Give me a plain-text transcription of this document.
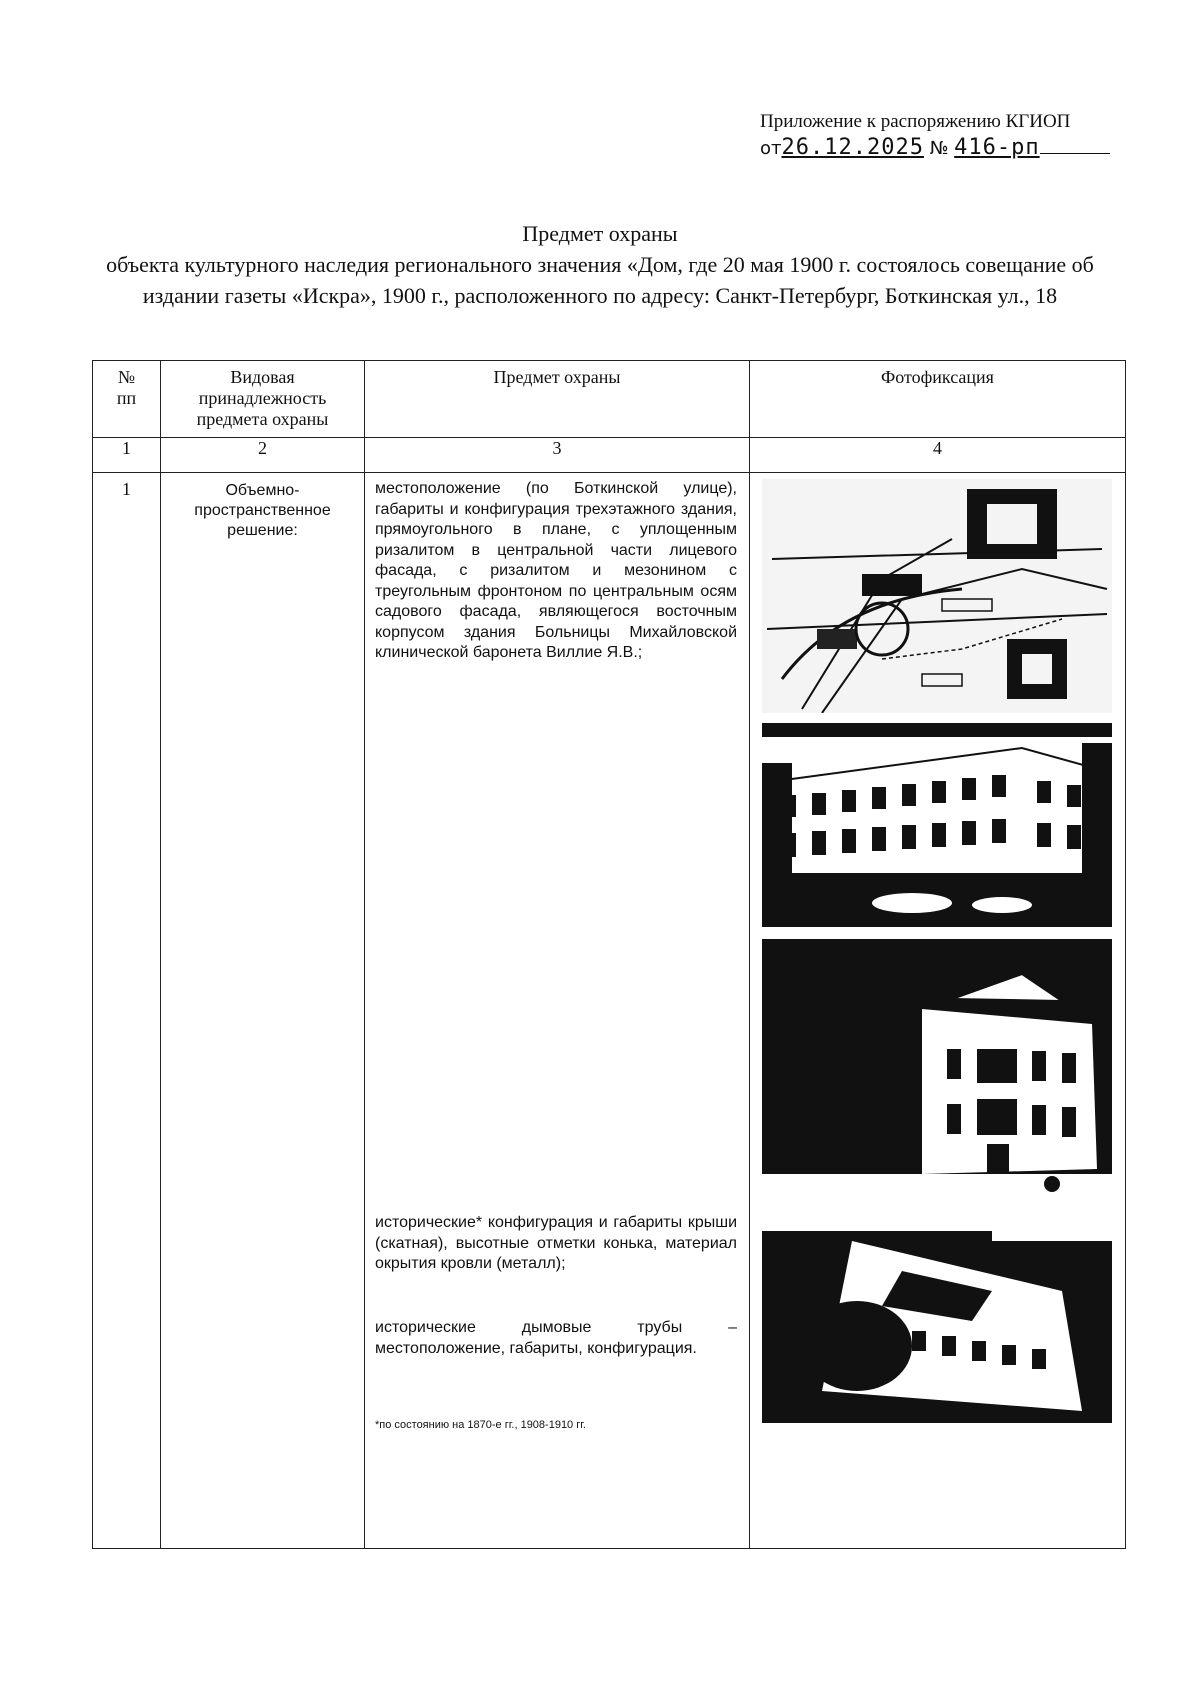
Приложение к распоряжению КГИОП
от26.12.2025 № 416-рп
Предмет охраны
объекта культурного наследия регионального значения «Дом, где 20 мая 1900 г. состоялось совещание об издании газеты «Искра», 1900 г., расположенного по адресу: Санкт-Петербург, Боткинская ул., 18
№ пп	Видовая принадлежность предмета охраны	Предмет охраны	Фотофиксация
1	2	3	4
1	Объемно-пространственное решение:	местоположение (по Боткинской улице), габариты и конфигурация трехэтажного здания, прямоугольного в плане, с уплощенным ризалитом в центральной части лицевого фасада, с ризалитом и мезонином с треугольным фронтоном по центральным осям садового фасада, являющегося восточным корпусом здания Больницы Михайловской клинической баронета Виллие Я.В.;

исторические* конфигурация и габариты крыши (скатная), высотные отметки конька, материал окрытия кровли (металл);

исторические дымовые трубы – местоположение, габариты, конфигурация.

*по состоянию на 1870-е гг., 1908-1910 гг.
